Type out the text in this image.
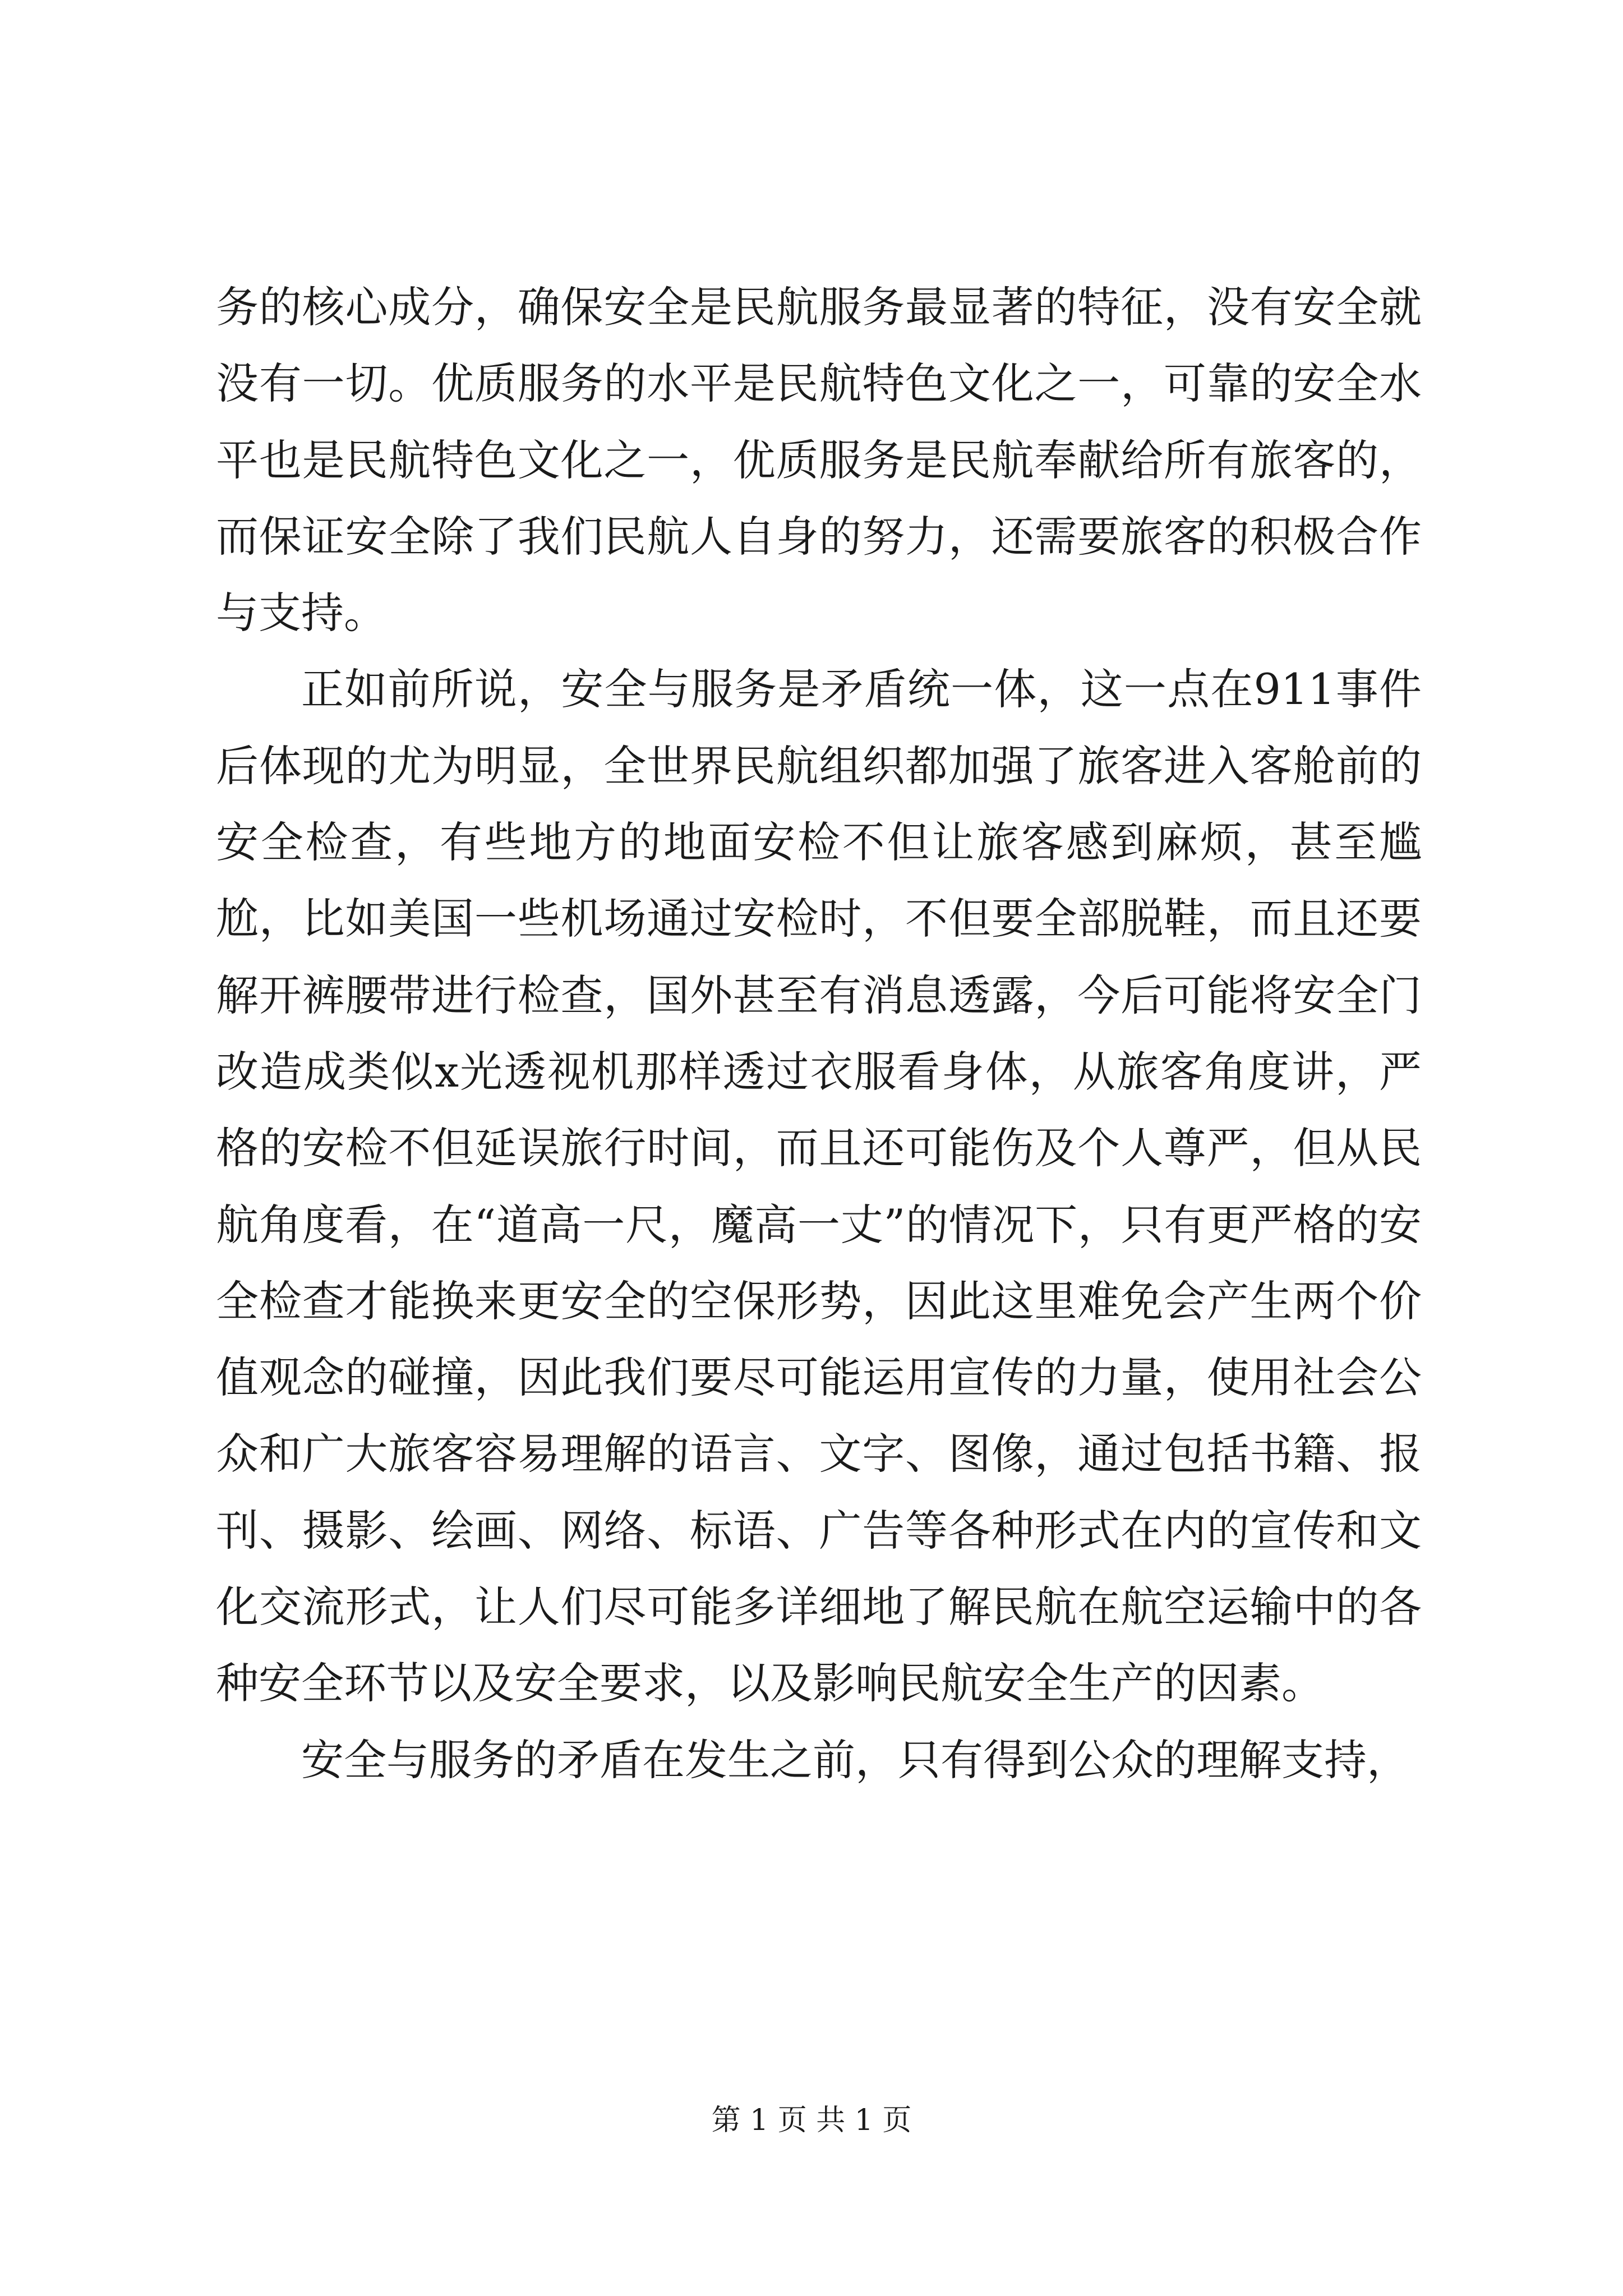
务的核心成分，确保安全是民航服务最显著的特征，没有安全就没有一切。优质服务的水平是民航特色文化之一，可靠的安全水平也是民航特色文化之一，优质服务是民航奉献给所有旅客的，而保证安全除了我们民航人自身的努力，还需要旅客的积极合作与支持。

正如前所说，安全与服务是矛盾统一体，这一点在911事件后体现的尤为明显，全世界民航组织都加强了旅客进入客舱前的安全检查，有些地方的地面安检不但让旅客感到麻烦，甚至尴尬，比如美国一些机场通过安检时，不但要全部脱鞋，而且还要解开裤腰带进行检查，国外甚至有消息透露，今后可能将安全门改造成类似x光透视机那样透过衣服看身体，从旅客角度讲，严格的安检不但延误旅行时间，而且还可能伤及个人尊严，但从民航角度看，在“道高一尺，魔高一丈”的情况下，只有更严格的安全检查才能换来更安全的空保形势，因此这里难免会产生两个价值观念的碰撞，因此我们要尽可能运用宣传的力量，使用社会公众和广大旅客容易理解的语言、文字、图像，通过包括书籍、报刊、摄影、绘画、网络、标语、广告等各种形式在内的宣传和文化交流形式，让人们尽可能多详细地了解民航在航空运输中的各种安全环节以及安全要求，以及影响民航安全生产的因素。

安全与服务的矛盾在发生之前，只有得到公众的理解支持，

第 1 页 共 1 页
